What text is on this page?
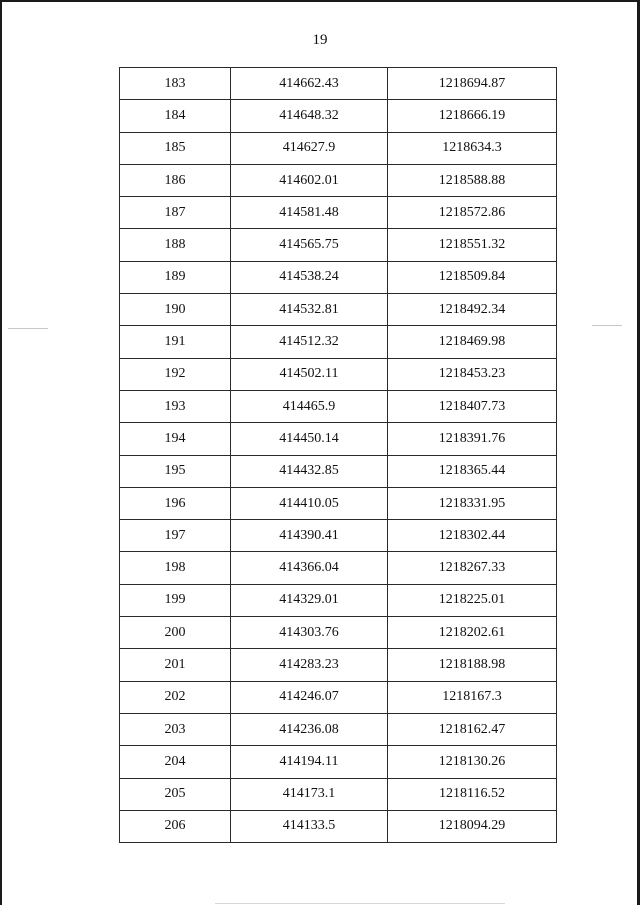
19
183	414662.43	1218694.87
184	414648.32	1218666.19
185	414627.9	1218634.3
186	414602.01	1218588.88
187	414581.48	1218572.86
188	414565.75	1218551.32
189	414538.24	1218509.84
190	414532.81	1218492.34
191	414512.32	1218469.98
192	414502.11	1218453.23
193	414465.9	1218407.73
194	414450.14	1218391.76
195	414432.85	1218365.44
196	414410.05	1218331.95
197	414390.41	1218302.44
198	414366.04	1218267.33
199	414329.01	1218225.01
200	414303.76	1218202.61
201	414283.23	1218188.98
202	414246.07	1218167.3
203	414236.08	1218162.47
204	414194.11	1218130.26
205	414173.1	1218116.52
206	414133.5	1218094.29
